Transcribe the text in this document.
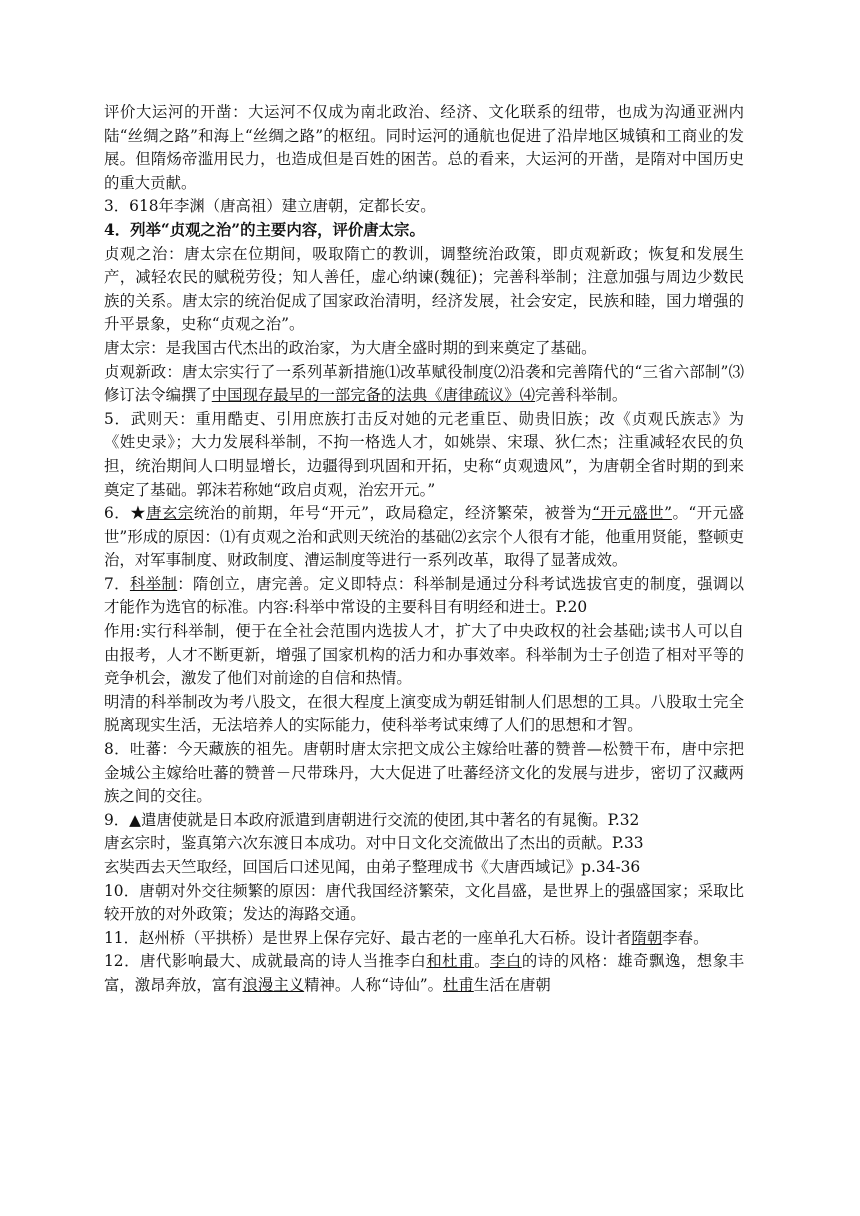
评价大运河的开凿：大运河不仅成为南北政治、经济、文化联系的纽带，也成为沟通亚洲内陆“丝绸之路”和海上“丝绸之路”的枢纽。同时运河的通航也促进了沿岸地区城镇和工商业的发展。但隋炀帝滥用民力，也造成但是百姓的困苦。总的看来，大运河的开凿，是隋对中国历史的重大贡献。

3．618年李渊（唐高祖）建立唐朝，定都长安。

4．列举“贞观之治”的主要内容，评价唐太宗。

贞观之治：唐太宗在位期间，吸取隋亡的教训，调整统治政策，即贞观新政；恢复和发展生产，减轻农民的赋税劳役；知人善任，虚心纳谏(魏征)；完善科举制；注意加强与周边少数民族的关系。唐太宗的统治促成了国家政治清明，经济发展，社会安定，民族和睦，国力增强的升平景象，史称“贞观之治”。

唐太宗：是我国古代杰出的政治家，为大唐全盛时期的到来奠定了基础。

贞观新政：唐太宗实行了一系列革新措施⑴改革赋役制度⑵沿袭和完善隋代的“三省六部制”⑶修订法令编撰了中国现存最早的一部完备的法典《唐律疏议》⑷完善科举制。

5．武则天：重用酷吏、引用庶族打击反对她的元老重臣、勋贵旧族；改《贞观氏族志》为《姓史录》；大力发展科举制，不拘一格选人才，如姚崇、宋璟、狄仁杰；注重减轻农民的负担，统治期间人口明显增长，边疆得到巩固和开拓，史称“贞观遗风”，为唐朝全省时期的到来奠定了基础。郭沫若称她“政启贞观，治宏开元。”

6．★唐玄宗统治的前期，年号“开元”，政局稳定，经济繁荣，被誉为“开元盛世”。“开元盛世”形成的原因：⑴有贞观之治和武则天统治的基础⑵玄宗个人很有才能，他重用贤能，整顿吏治，对军事制度、财政制度、漕运制度等进行一系列改革，取得了显著成效。

7．科举制：隋创立，唐完善。定义即特点：科举制是通过分科考试选拔官吏的制度，强调以才能作为选官的标准。内容:科举中常设的主要科目有明经和进士。P.20

作用:实行科举制，便于在全社会范围内选拔人才，扩大了中央政权的社会基础;读书人可以自由报考，人才不断更新，增强了国家机构的活力和办事效率。科举制为士子创造了相对平等的竞争机会，激发了他们对前途的自信和热情。

明清的科举制改为考八股文，在很大程度上演变成为朝廷钳制人们思想的工具。八股取士完全脱离现实生活，无法培养人的实际能力，使科举考试束缚了人们的思想和才智。

8．吐蕃：今天藏族的祖先。唐朝时唐太宗把文成公主嫁给吐蕃的赞普—松赞干布，唐中宗把金城公主嫁给吐蕃的赞普－尺带珠丹，大大促进了吐蕃经济文化的发展与进步，密切了汉藏两族之间的交往。

9．▲遣唐使就是日本政府派遣到唐朝进行交流的使团,其中著名的有晁衡。P.32

唐玄宗时，鉴真第六次东渡日本成功。对中日文化交流做出了杰出的贡献。P.33

玄奘西去天竺取经，回国后口述见闻，由弟子整理成书《大唐西域记》p.34-36

10．唐朝对外交往频繁的原因：唐代我国经济繁荣，文化昌盛，是世界上的强盛国家；采取比较开放的对外政策；发达的海路交通。

11．赵州桥（平拱桥）是世界上保存完好、最古老的一座单孔大石桥。设计者隋朝李春。

12．唐代影响最大、成就最高的诗人当推李白和杜甫。李白的诗的风格：雄奇飘逸，想象丰富，激昂奔放，富有浪漫主义精神。人称“诗仙”。杜甫生活在唐朝
